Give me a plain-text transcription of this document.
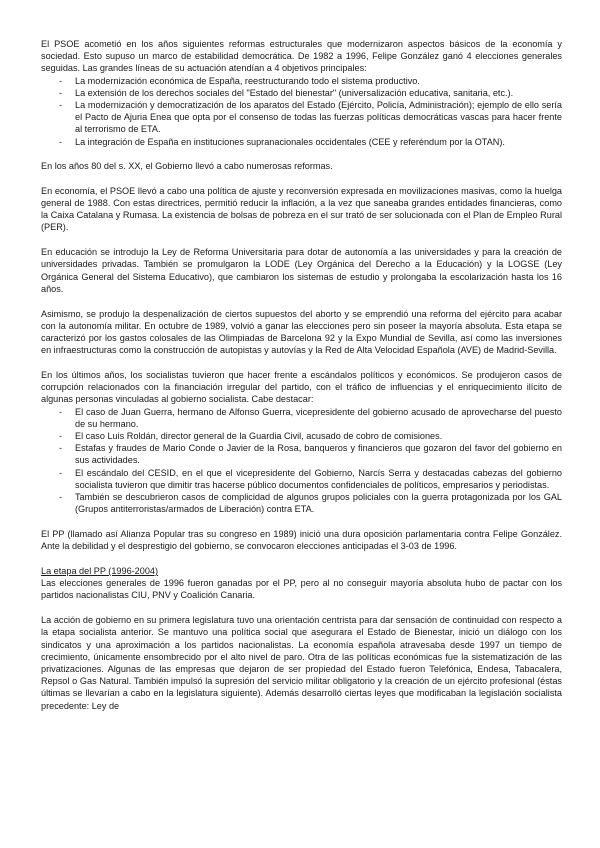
El PSOE acometió en los años siguientes reformas estructurales que modernizaron aspectos básicos de la economía y sociedad. Esto supuso un marco de estabilidad democrática. De 1982 a 1996, Felipe González ganó 4 elecciones generales seguidas. Las grandes líneas de su actuación atendían a 4 objetivos principales:

- La modernización económica de España, reestructurando todo el sistema productivo.
- La extensión de los derechos sociales del "Estado del bienestar" (universalización educativa, sanitaria, etc.).
- La modernización y democratización de los aparatos del Estado (Ejército, Policía, Administración); ejemplo de ello sería el Pacto de Ajuria Enea que opta por el consenso de todas las fuerzas políticas democráticas vascas para hacer frente al terrorismo de ETA.
- La integración de España en instituciones supranacionales occidentales (CEE y referéndum por la OTAN).

En los años 80 del s. XX, el Gobierno llevó a cabo numerosas reformas.

En economía, el PSOE llevó a cabo una política de ajuste y reconversión expresada en movilizaciones masivas, como la huelga general de 1988. Con estas directrices, permitió reducir la inflación, a la vez que saneaba grandes entidades financieras, como la Caixa Catalana y Rumasa. La existencia de bolsas de pobreza en el sur trató de ser solucionada con el Plan de Empleo Rural (PER).

En educación se introdujo la Ley de Reforma Universitaria para dotar de autonomía a las universidades y para la creación de universidades privadas. También se promulgaron la LODE (Ley Orgánica del Derecho a la Educación) y la LOGSE (Ley Orgánica General del Sistema Educativo), que cambiaron los sistemas de estudio y prolongaba la escolarización hasta los 16 años.

Asimismo, se produjo la despenalización de ciertos supuestos del aborto y se emprendió una reforma del ejército para acabar con la autonomía militar. En octubre de 1989, volvió a ganar las elecciones pero sin poseer la mayoría absoluta. Esta etapa se caracterizó por los gastos colosales de las Olimpiadas de Barcelona 92 y la Expo Mundial de Sevilla, así como las inversiones en infraestructuras como la construcción de autopistas y autovías y la Red de Alta Velocidad Española (AVE) de Madrid-Sevilla.

En los últimos años, los socialistas tuvieron que hacer frente a escándalos políticos y económicos. Se produjeron casos de corrupción relacionados con la financiación irregular del partido, con el tráfico de influencias y el enriquecimiento ilícito de algunas personas vinculadas al gobierno socialista. Cabe destacar:

- El caso de Juan Guerra, hermano de Alfonso Guerra, vicepresidente del gobierno acusado de aprovecharse del puesto de su hermano.
- El caso Luis Roldán, director general de la Guardia Civil, acusado de cobro de comisiones.
- Estafas y fraudes de Mario Conde o Javier de la Rosa, banqueros y financieros que gozaron del favor del gobierno en sus actividades.
- El escándalo del CESID, en el que el vicepresidente del Gobierno, Narcís Serra y destacadas cabezas del gobierno socialista tuvieron que dimitir tras hacerse público documentos confidenciales de políticos, empresarios y periodistas.
- También se descubrieron casos de complicidad de algunos grupos policiales con la guerra protagonizada por los GAL (Grupos antiterroristas/armados de Liberación) contra ETA.

El PP (llamado así Alianza Popular tras su congreso en 1989) inició una dura oposición parlamentaria contra Felipe González. Ante la debilidad y el desprestigio del gobierno, se convocaron elecciones anticipadas el 3-03 de 1996.

La etapa del PP (1996-2004)

Las elecciones generales de 1996 fueron ganadas por el PP, pero al no conseguir mayoría absoluta hubo de pactar con los partidos nacionalistas CIU, PNV y Coalición Canaria.

La acción de gobierno en su primera legislatura tuvo una orientación centrista para dar sensación de continuidad con respecto a la etapa socialista anterior. Se mantuvo una política social que asegurara el Estado de Bienestar, inició un diálogo con los sindicatos y una aproximación a los partidos nacionalistas. La economía española atravesaba desde 1997 un tiempo de crecimiento, únicamente ensombrecido por el alto nivel de paro. Otra de las políticas económicas fue la sistematización de las privatizaciones. Algunas de las empresas que dejaron de ser propiedad del Estado fueron Telefónica, Endesa, Tabacalera, Repsol o Gas Natural. También impulsó la supresión del servicio militar obligatorio y la creación de un ejército profesional (éstas últimas se llevarían a cabo en la legislatura siguiente). Además desarrolló ciertas leyes que modificaban la legislación socialista precedente: Ley de
